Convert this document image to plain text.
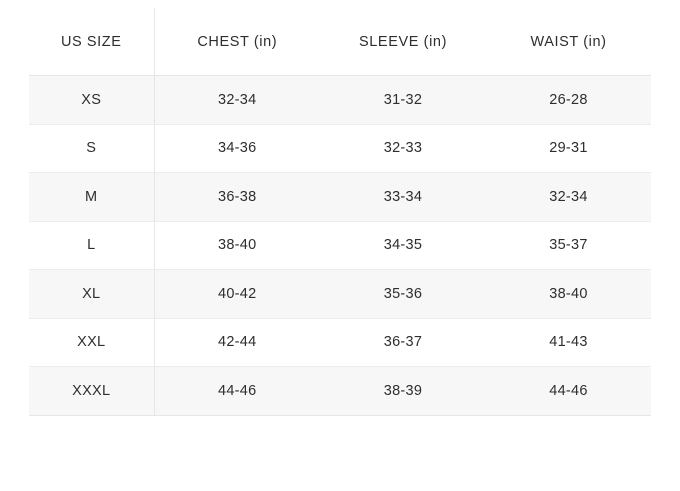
US SIZE	CHEST (in)	SLEEVE (in)	WAIST (in)
XS	32-34	31-32	26-28
S	34-36	32-33	29-31
M	36-38	33-34	32-34
L	38-40	34-35	35-37
XL	40-42	35-36	38-40
XXL	42-44	36-37	41-43
XXXL	44-46	38-39	44-46
